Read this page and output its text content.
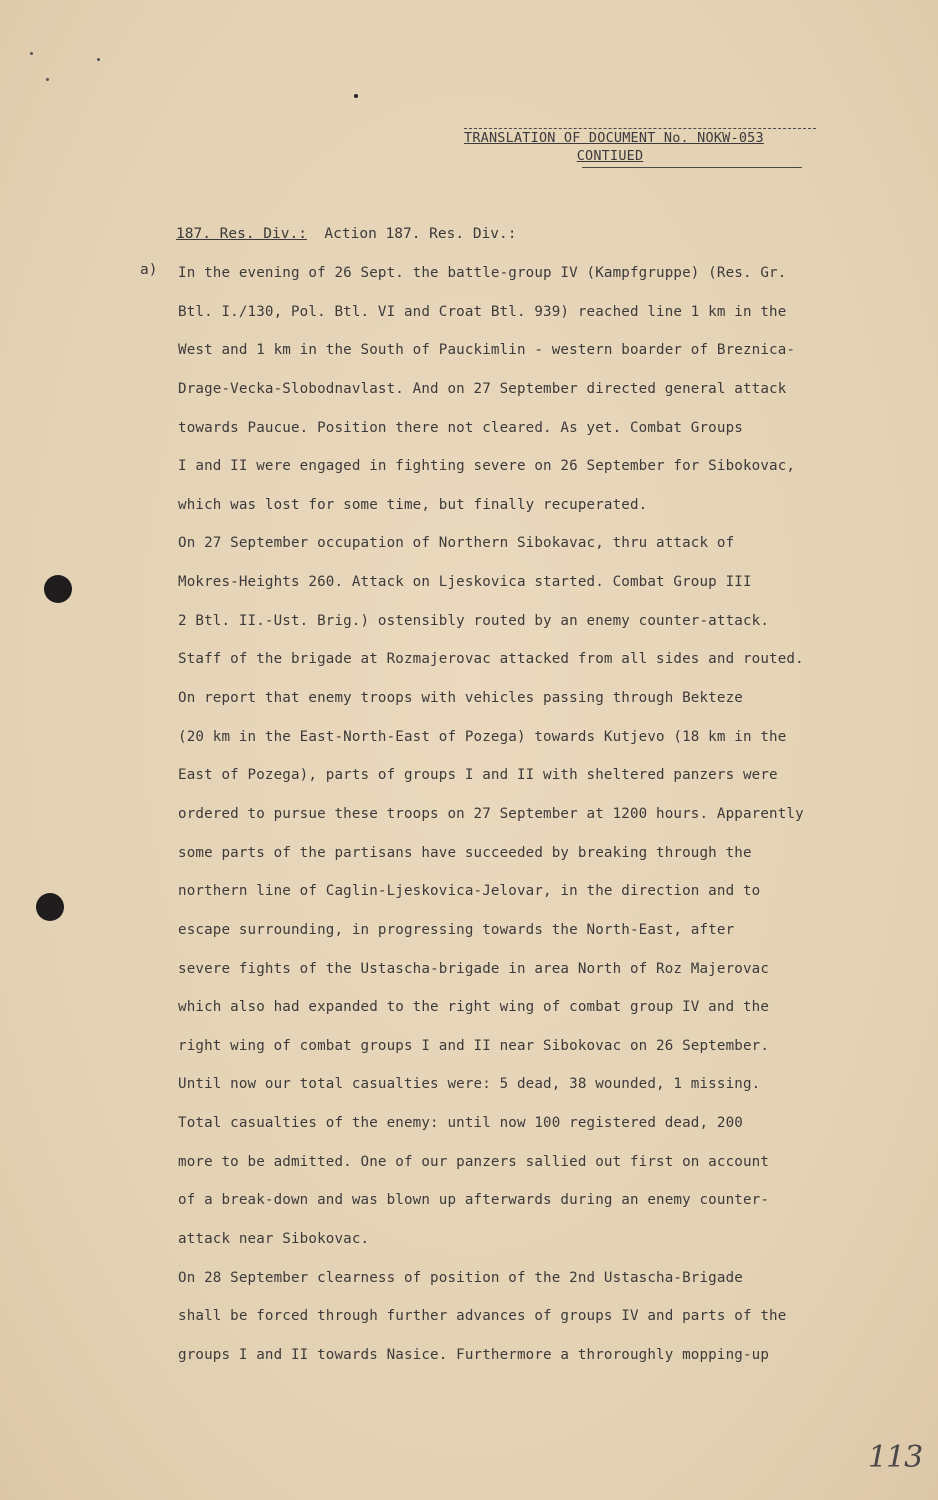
TRANSLATION OF DOCUMENT No. NOKW-053
CONTIUED
187. Res. Div.: Action 187. Res. Div.:
a) In the evening of 26 Sept. the battle-group IV (Kampfgruppe) (Res. Gr.
Btl. I./130, Pol. Btl. VI and Croat Btl. 939) reached line 1 km in the
West and 1 km in the South of Pauckimlin - western boarder of Breznica-
Drage-Vecka-Slobodnavlast. And on 27 September directed general attack
towards Paucue. Position there not cleared. As yet. Combat Groups
I and II were engaged in fighting severe on 26 September for Sibokovac,
which was lost for some time, but finally recuperated.
On 27 September occupation of Northern Sibokavac, thru attack of
Mokres-Heights 260. Attack on Ljeskovica started. Combat Group III
2 Btl. II.-Ust. Brig.) ostensibly routed by an enemy counter-attack.
Staff of the brigade at Rozmajerovac attacked from all sides and routed.
On report that enemy troops with vehicles passing through Bekteze
(20 km in the East-North-East of Pozega) towards Kutjevo (18 km in the
East of Pozega), parts of groups I and II with sheltered panzers were
ordered to pursue these troops on 27 September at 1200 hours. Apparently
some parts of the partisans have succeeded by breaking through the
northern line of Caglin-Ljeskovica-Jelovar, in the direction and to
escape surrounding, in progressing towards the North-East, after
severe fights of the Ustascha-brigade in area North of Roz Majerovac
which also had expanded to the right wing of combat group IV and the
right wing of combat groups I and II near Sibokovac on 26 September.
Until now our total casualties were: 5 dead, 38 wounded, 1 missing.
Total casualties of the enemy: until now 100 registered dead, 200
more to be admitted. One of our panzers sallied out first on account
of a break-down and was blown up afterwards during an enemy counter-
attack near Sibokovac.
On 28 September clearness of position of the 2nd Ustascha-Brigade
shall be forced through further advances of groups IV and parts of the
groups I and II towards Nasice. Furthermore a throroughly mopping-up
113
